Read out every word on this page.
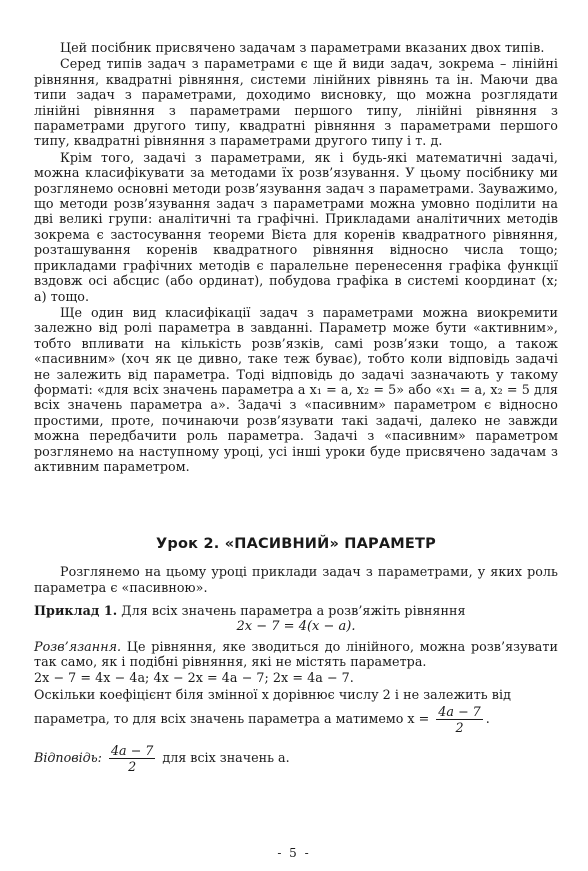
Цей посібник присвячено задачам з параметрами вказаних двох типів.

Серед типів задач з параметрами є ще й види задач, зокрема – лінійні рівняння, квадратні рівняння, системи лінійних рівнянь та ін. Маючи два типи задач з параметрами, доходимо висновку, що можна розглядати лінійні рівняння з параметрами першого типу, лінійні рівняння з параметрами другого типу, квадратні рівняння з параметрами першого типу, квадратні рівняння з параметрами другого типу і т. д.

Крім того, задачі з параметрами, як і будь-які математичні задачі, можна класифікувати за методами їх розв’язування. У цьому посібнику ми розглянемо основні методи розв’язування задач з параметрами. Зауважимо, що методи розв’язування задач з параметрами можна умовно поділити на дві великі групи: аналітичні та графічні. Прикладами аналітичних методів зокрема є застосування теореми Вієта для коренів квадратного рівняння, розташування коренів квадратного рівняння відносно числа тощо; прикладами графічних методів є паралельне перенесення графіка функції вздовж осі абсцис (або ординат), побудова графіка в системі координат (x; a) тощо.

Ще один вид класифікації задач з параметрами можна виокремити залежно від ролі параметра в завданні. Параметр може бути «активним», тобто впливати на кількість розв’язків, самі розв’язки тощо, а також «пасивним» (хоч як це дивно, таке теж буває), тобто коли відповідь задачі не залежить від параметра. Тоді відповідь до задачі зазначають у такому форматі: «для всіх значень параметра a x₁ = a, x₂ = 5» або «x₁ = a, x₂ = 5 для всіх значень параметра a». Задачі з «пасивним» параметром є відносно простими, проте, починаючи розв’язувати такі задачі, далеко не завжди можна передбачити роль параметра. Задачі з «пасивним» параметром розглянемо на наступному уроці, усі інші уроки буде присвячено задачам з активним параметром.

Урок 2. «ПАСИВНИЙ» ПАРАМЕТР

Розглянемо на цьому уроці приклади задач з параметрами, у яких роль параметра є «пасивною».

Приклад 1. Для всіх значень параметра a розв’яжіть рівняння

2x − 7 = 4(x − a).

Розв’язання. Це рівняння, яке зводиться до лінійного, можна розв’язувати так само, як і подібні рівняння, які не містять параметра.

2x − 7 = 4x − 4a; 4x − 2x = 4a − 7; 2x = 4a − 7.

Оскільки коефіцієнт біля змінної x дорівнює числу 2 і не залежить від

параметра, то для всіх значень параметра a матимемо $x = \frac{4a - 7}{2}$ .
Відповідь: $\frac{4a - 7}{2}$ для всіх значень a.
- 5 -
